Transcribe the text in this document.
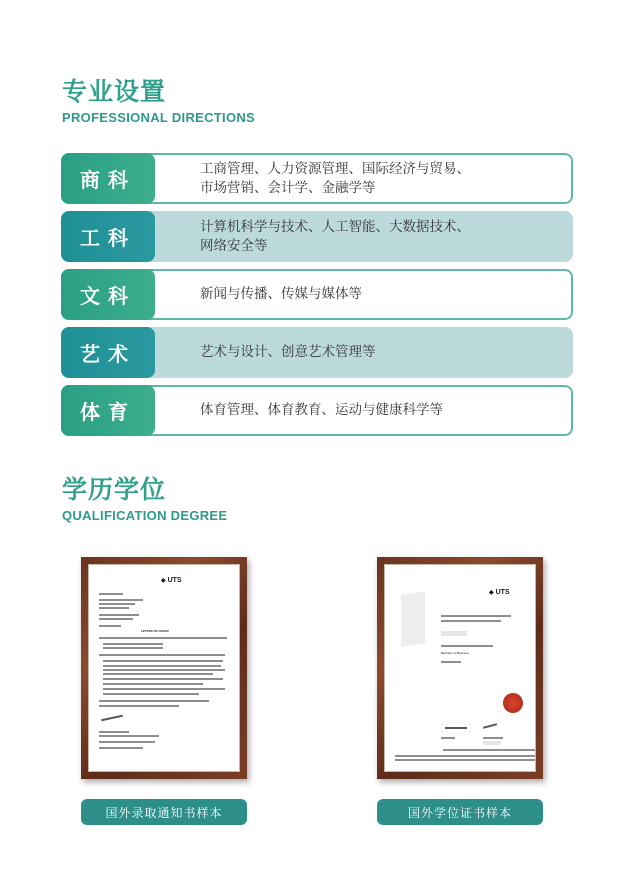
专业设置
PROFESSIONAL DIRECTIONS
商科	工商管理、人力资源管理、国际经济与贸易、
市场营销、会计学、金融学等
工科	计算机科学与技术、人工智能、大数据技术、
网络安全等
文科	新闻与传播、传媒与媒体等
艺术	艺术与设计、创意艺术管理等
体育	体育管理、体育教育、运动与健康科学等
学历学位
QUALIFICATION DEGREE
◆ UTS
LETTER OF OFFER
◆ UTS
Bachelor of Business
国外录取通知书样本	国外学位证书样本
